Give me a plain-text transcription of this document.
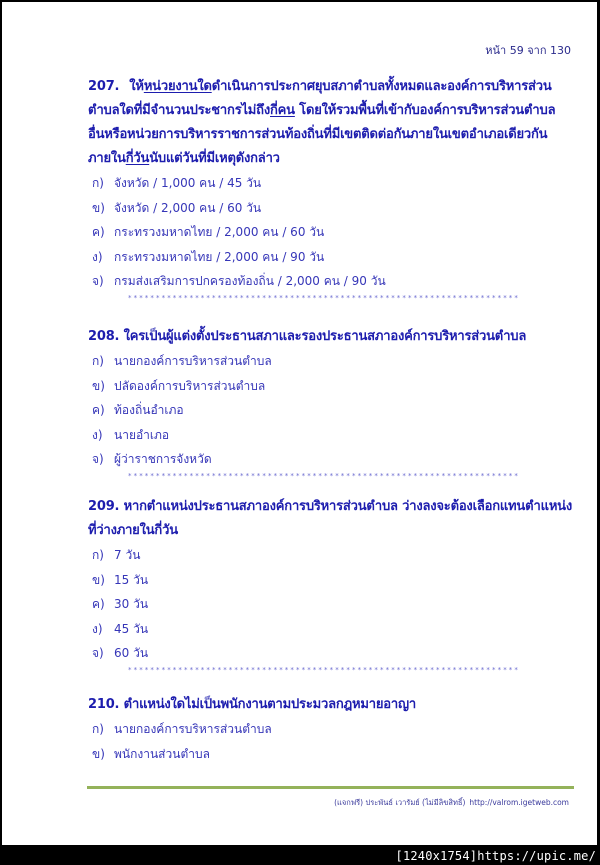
หน้า 59 จาก 130
207. ให้หน่วยงานใดดำเนินการประกาศยุบสภาตำบลทั้งหมดและองค์การบริหารส่วน
ตำบลใดที่มีจำนวนประชากรไม่ถึงกี่คน โดยให้รวมพื้นที่เข้ากับองค์การบริหารส่วนตำบล
อื่นหรือหน่วยการบริหารราชการส่วนท้องถิ่นที่มีเขตติดต่อกันภายในเขตอำเภอเดียวกัน
ภายในกี่วันนับแต่วันที่มีเหตุดังกล่าว
ก) จังหวัด / 1,000 คน / 45 วัน
ข) จังหวัด / 2,000 คน / 60 วัน
ค) กระทรวงมหาดไทย / 2,000 คน / 60 วัน
ง) กระทรวงมหาดไทย / 2,000 คน / 90 วัน
จ) กรมส่งเสริมการปกครองท้องถิ่น / 2,000 คน / 90 วัน
**********************************************************************
208. ใครเป็นผู้แต่งตั้งประธานสภาและรองประธานสภาองค์การบริหารส่วนตำบล
ก) นายกองค์การบริหารส่วนตำบล
ข) ปลัดองค์การบริหารส่วนตำบล
ค) ท้องถิ่นอำเภอ
ง) นายอำเภอ
จ) ผู้ว่าราชการจังหวัด
**********************************************************************
209. หากตำแหน่งประธานสภาองค์การบริหารส่วนตำบล ว่างลงจะต้องเลือกแทนตำแหน่ง
ที่ว่างภายในกี่วัน
ก) 7 วัน
ข) 15 วัน
ค) 30 วัน
ง) 45 วัน
จ) 60 วัน
**********************************************************************
210. ตำแหน่งใดไม่เป็นพนักงานตามประมวลกฎหมายอาญา
ก) นายกองค์การบริหารส่วนตำบล
ข) พนักงานส่วนตำบล
(แจกฟรี) ประพันธ์ เวารัมย์ (ไม่มีลิขสิทธิ์) http://valrom.igetweb.com
[1240x1754]https://upic.me/
